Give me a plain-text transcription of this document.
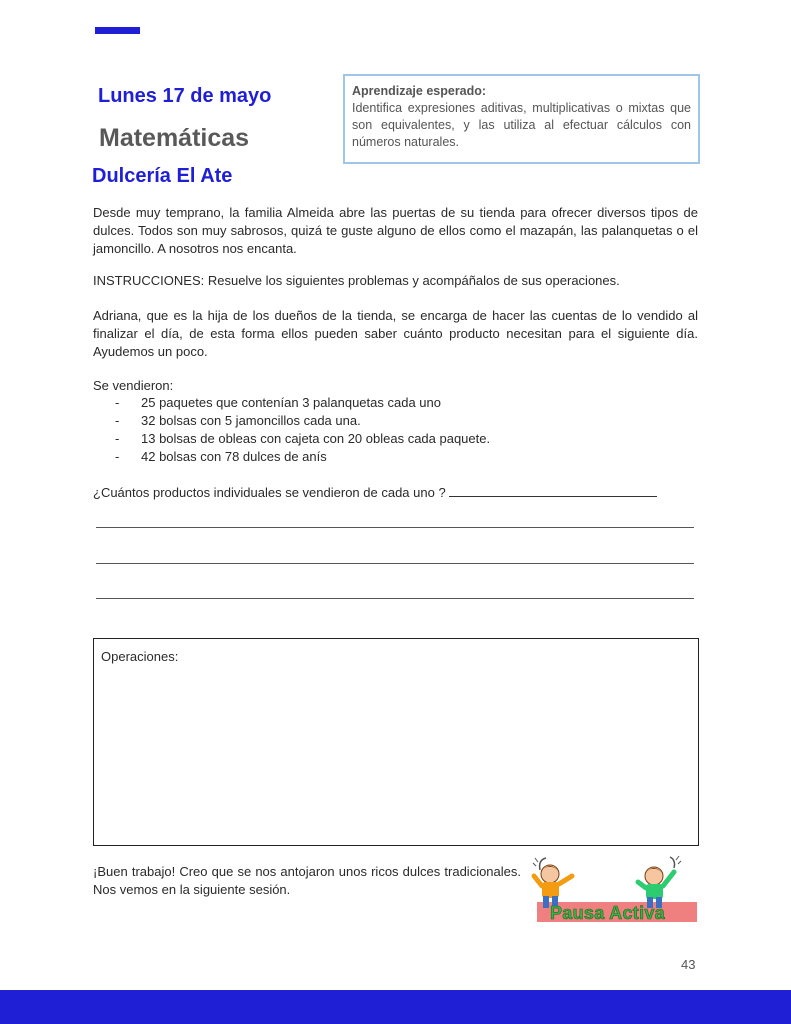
Lunes 17 de mayo
Matemáticas
Dulcería El Ate
Aprendizaje esperado:
Identifica expresiones aditivas, multiplicativas o mixtas que son equivalentes, y las utiliza al efectuar cálculos con números naturales.
Desde muy temprano, la familia Almeida abre las puertas de su tienda para ofrecer diversos tipos de dulces. Todos son muy sabrosos, quizá te guste alguno de ellos como el mazapán, las palanquetas o el jamoncillo. A nosotros nos encanta.
INSTRUCCIONES: Resuelve los siguientes problemas y acompáñalos de sus operaciones.
Adriana, que es la hija de los dueños de la tienda, se encarga de hacer las cuentas de lo vendido al finalizar el día, de esta forma ellos pueden saber cuánto producto necesitan para el siguiente día. Ayudemos un poco.
Se vendieron:
- 25 paquetes que contenían 3 palanquetas cada uno
- 32 bolsas con 5 jamoncillos cada una.
- 13 bolsas de obleas con cajeta con 20 obleas cada paquete.
- 42 bolsas con 78 dulces de anís
¿Cuántos productos individuales se vendieron de cada uno ?
Operaciones:
¡Buen trabajo! Creo que se nos antojaron unos ricos dulces tradicionales. Nos vemos en la siguiente sesión.
Pausa Activa
43
